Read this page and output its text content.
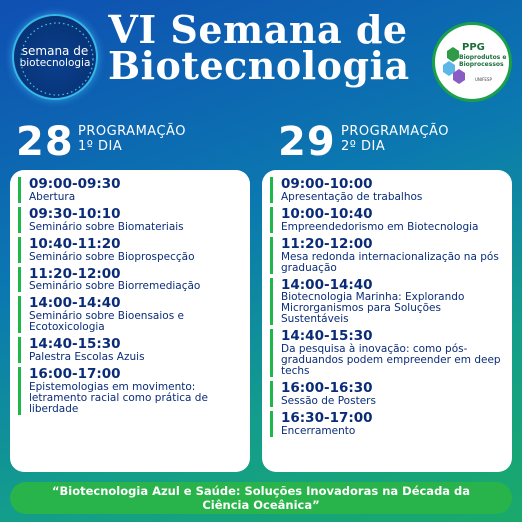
semana de
biotecnologia
VI Semana de
Biotecnologia	PPG
Bioprodutos e
Bioprocessos
UNIFESP
28 PROGRAMAÇÃO
1º DIA	29 PROGRAMAÇÃO
2º DIA
09:00-09:30
Abertura
09:30-10:10
Seminário sobre Biomateriais
10:40-11:20
Seminário sobre Bioprospecção
11:20-12:00
Seminário sobre Biorremediação
14:00-14:40
Seminário sobre Bioensaios e Ecotoxicologia
14:40-15:30
Palestra Escolas Azuis
16:00-17:00
Epistemologias em movimento: letramento racial como prática de liberdade
09:00-10:00
Apresentação de trabalhos
10:00-10:40
Empreendedorismo em Biotecnologia
11:20-12:00
Mesa redonda internacionalização na pós graduação
14:00-14:40
Biotecnologia Marinha: Explorando Microrganismos para Soluções Sustentáveis
14:40-15:30
Da pesquisa à inovação: como pós-graduandos podem empreender em deep techs
16:00-16:30
Sessão de Posters
16:30-17:00
Encerramento
“Biotecnologia Azul e Saúde: Soluções Inovadoras na Década da Ciência Oceânica”
